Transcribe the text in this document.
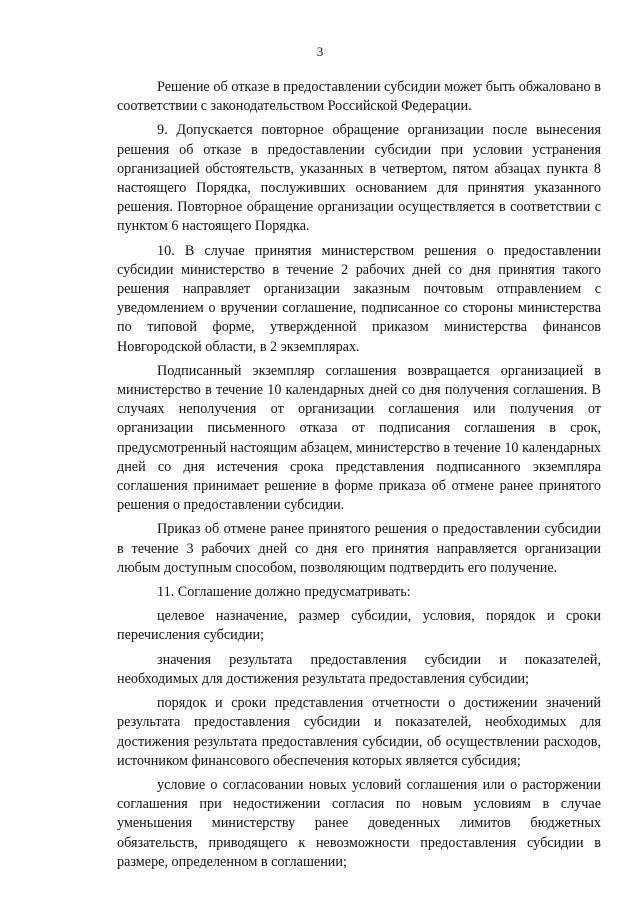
3

Решение об отказе в предоставлении субсидии может быть обжаловано в соответствии с законодательством Российской Федерации.

9. Допускается повторное обращение организации после вынесения решения об отказе в предоставлении субсидии при условии устранения организацией обстоятельств, указанных в четвертом, пятом абзацах пункта 8 настоящего Порядка, послуживших основанием для принятия указанного решения. Повторное обращение организации осуществляется в соответствии с пунктом 6 настоящего Порядка.

10. В случае принятия министерством решения о предоставлении субсидии министерство в течение 2 рабочих дней со дня принятия такого решения направляет организации заказным почтовым отправлением с уведомлением о вручении соглашение, подписанное со стороны министерства по типовой форме, утвержденной приказом министерства финансов Новгородской области, в 2 экземплярах.

Подписанный экземпляр соглашения возвращается организацией в министерство в течение 10 календарных дней со дня получения соглашения. В случаях неполучения от организации соглашения или получения от организации письменного отказа от подписания соглашения в срок, предусмотренный настоящим абзацем, министерство в течение 10 календарных дней со дня истечения срока представления подписанного экземпляра соглашения принимает решение в форме приказа об отмене ранее принятого решения о предоставлении субсидии.

Приказ об отмене ранее принятого решения о предоставлении субсидии в течение 3 рабочих дней со дня его принятия направляется организации любым доступным способом, позволяющим подтвердить его получение.

11. Соглашение должно предусматривать:

целевое назначение, размер субсидии, условия, порядок и сроки перечисления субсидии;

значения результата предоставления субсидии и показателей, необходимых для достижения результата предоставления субсидии;

порядок и сроки представления отчетности о достижении значений результата предоставления субсидии и показателей, необходимых для достижения результата предоставления субсидии, об осуществлении расходов, источником финансового обеспечения которых является субсидия;

условие о согласовании новых условий соглашения или о расторжении соглашения при недостижении согласия по новым условиям в случае уменьшения министерству ранее доведенных лимитов бюджетных обязательств, приводящего к невозможности предоставления субсидии в размере, определенном в соглашении;
